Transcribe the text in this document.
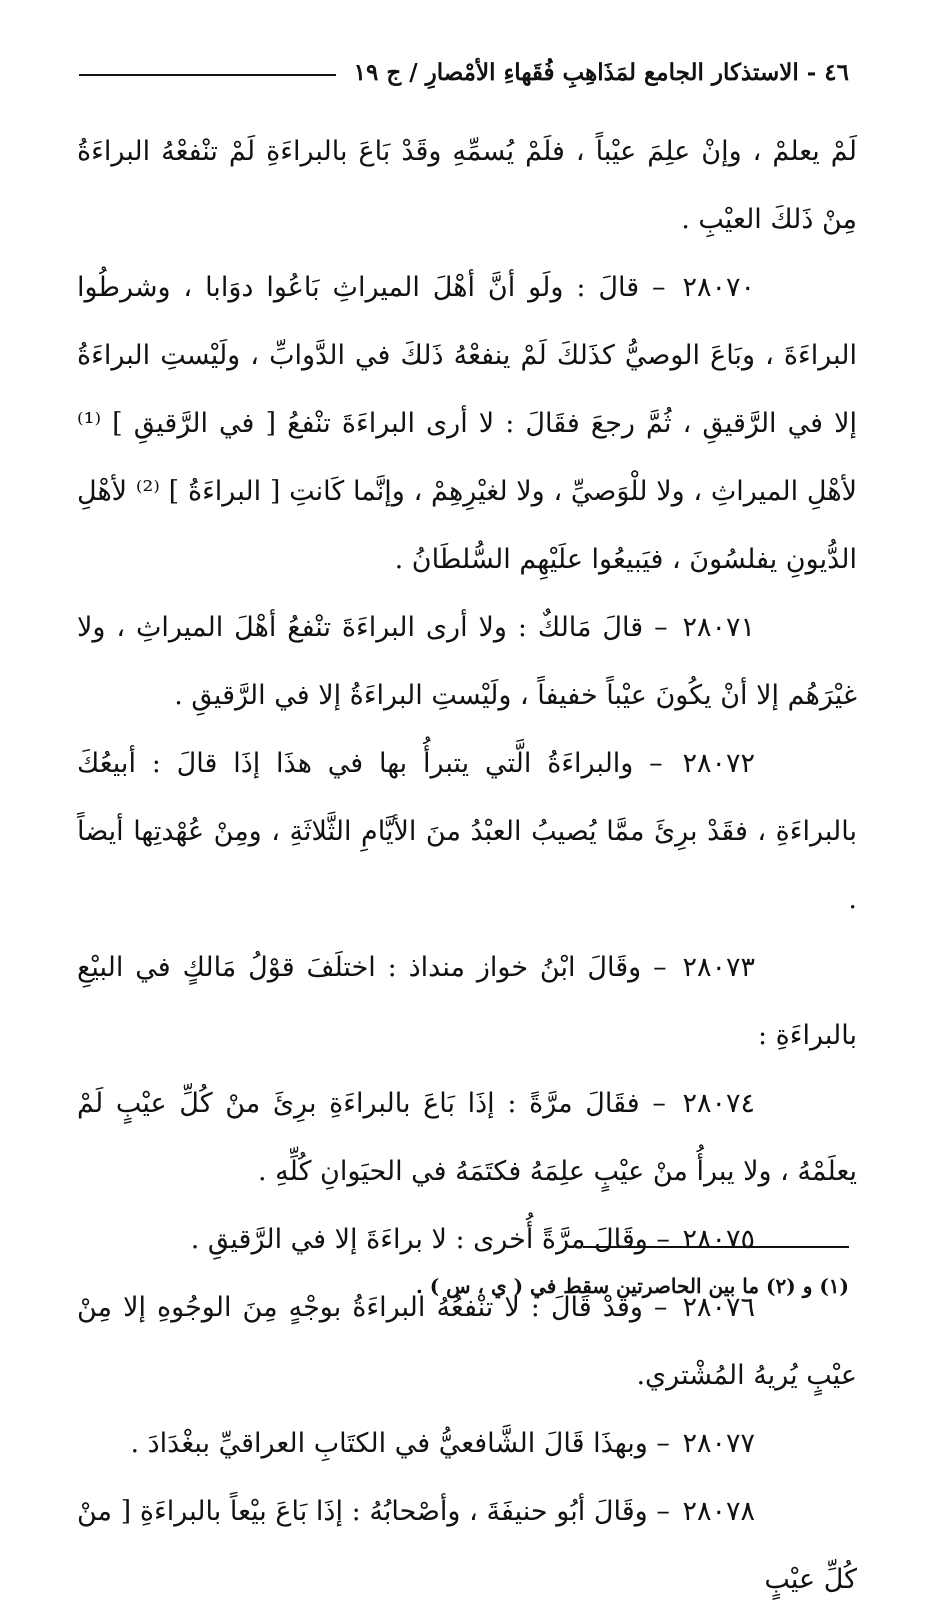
٤٦ - الاستذكار الجامع لمَذَاهِبِ فُقَهاءِ الأمْصارِ / ج ١٩

لَمْ يعلمْ ، وإنْ علِمَ عيْباً ، فلَمْ يُسمِّهِ وقَدْ بَاعَ بالبراءَةِ لَمْ تنْفعْهُ البراءَةُ مِنْ ذَلكَ العيْبِ .

٢٨٠٧٠ – قالَ : ولَو أنَّ أهْلَ الميراثِ بَاعُوا دوَابا ، وشرطُوا البراءَةَ ، وبَاعَ الوصيُّ كذَلكَ لَمْ ينفعْهُ ذَلكَ في الدَّوابِّ ، ولَيْستِ البراءَةُ إلا في الرَّقيقِ ، ثُمَّ رجعَ فقَالَ : لا أرى البراءَةَ تنْفعُ [ في الرَّقيقِ ] ⁽¹⁾ لأهْلِ الميراثِ ، ولا للْوَصيِّ ، ولا لغيْرِهِمْ ، وإنَّما كَانتِ [ البراءَةُ ] ⁽²⁾ لأهْلِ الدُّيونِ يفلسُونَ ، فيَبيعُوا علَيْهِم السُّلطَانُ .

٢٨٠٧١ – قالَ مَالكٌ : ولا أرى البراءَةَ تنْفعُ أهْلَ الميراثِ ، ولا غيْرَهُم إلا أنْ يكُونَ عيْباً خفيفاً ، ولَيْستِ البراءَةُ إلا في الرَّقيقِ .

٢٨٠٧٢ – والبراءَةُ الَّتي يتبرأُ بها في هذَا إذَا قالَ : أبيعُكَ بالبراءَةِ ، فقَدْ برِئَ ممَّا يُصيبُ العبْدُ منَ الأيَّامِ الثَّلاثَةِ ، ومِنْ عُهْدتِها أيضاً .

٢٨٠٧٣ – وقَالَ ابْنُ خواز منداذ : اختلَفَ قوْلُ مَالكٍ في البيْعِ بالبراءَةِ :

٢٨٠٧٤ – فقَالَ مرَّةً : إذَا بَاعَ بالبراءَةِ برِئَ منْ كُلِّ عيْبٍ لَمْ يعلَمْهُ ، ولا يبرأُ منْ عيْبٍ علِمَهُ فكتَمَهُ في الحيَوانِ كُلِّهِ .

٢٨٠٧٥ – وقَالَ مرَّةً أُخرى : لا براءَةَ إلا في الرَّقيقِ .

٢٨٠٧٦ – وقَدْ قَالَ : لا تنْفعُهُ البراءَةُ بوجْهٍ مِنَ الوجُوهِ إلا مِنْ عيْبٍ يُريهُ المُشْتري.

٢٨٠٧٧ – وبهذَا قَالَ الشَّافعيُّ في الكتَابِ العراقيِّ ببغْدَادَ .

٢٨٠٧٨ – وقَالَ أبُو حنيفَةَ ، وأصْحابُهُ : إذَا بَاعَ بيْعاً بالبراءَةِ [ منْ كُلِّ عيْبٍ

(١) و (٢) ما بين الحاصرتين سقط في ( ي ، س ) .
